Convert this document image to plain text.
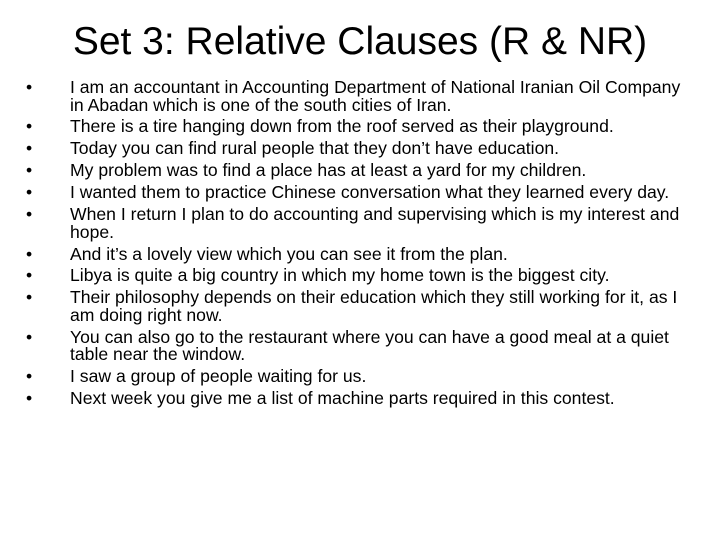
Set 3: Relative Clauses (R & NR)
•	I am an accountant in Accounting Department of National Iranian Oil Company in Abadan which is one of the south cities of Iran.
•	There is a tire hanging down from the roof served as their playground.
•	Today you can find rural people that they don’t have education.
•	My problem was to find a place has at least a yard for my children.
•	I wanted them to practice Chinese conversation what they learned every day.
•	When I return I plan to do accounting and supervising which is my interest and hope.
•	And it’s a lovely view which you can see it from the plan.
•	Libya is quite a big country in which my home town is the biggest city.
•	Their philosophy depends on their education which they still working for it, as I am doing right now.
•	You can also go to the restaurant where you can have a good meal at a quiet table near the window.
•	I saw a group of people waiting for us.
•	Next week you give me a list of machine parts required in this contest.
